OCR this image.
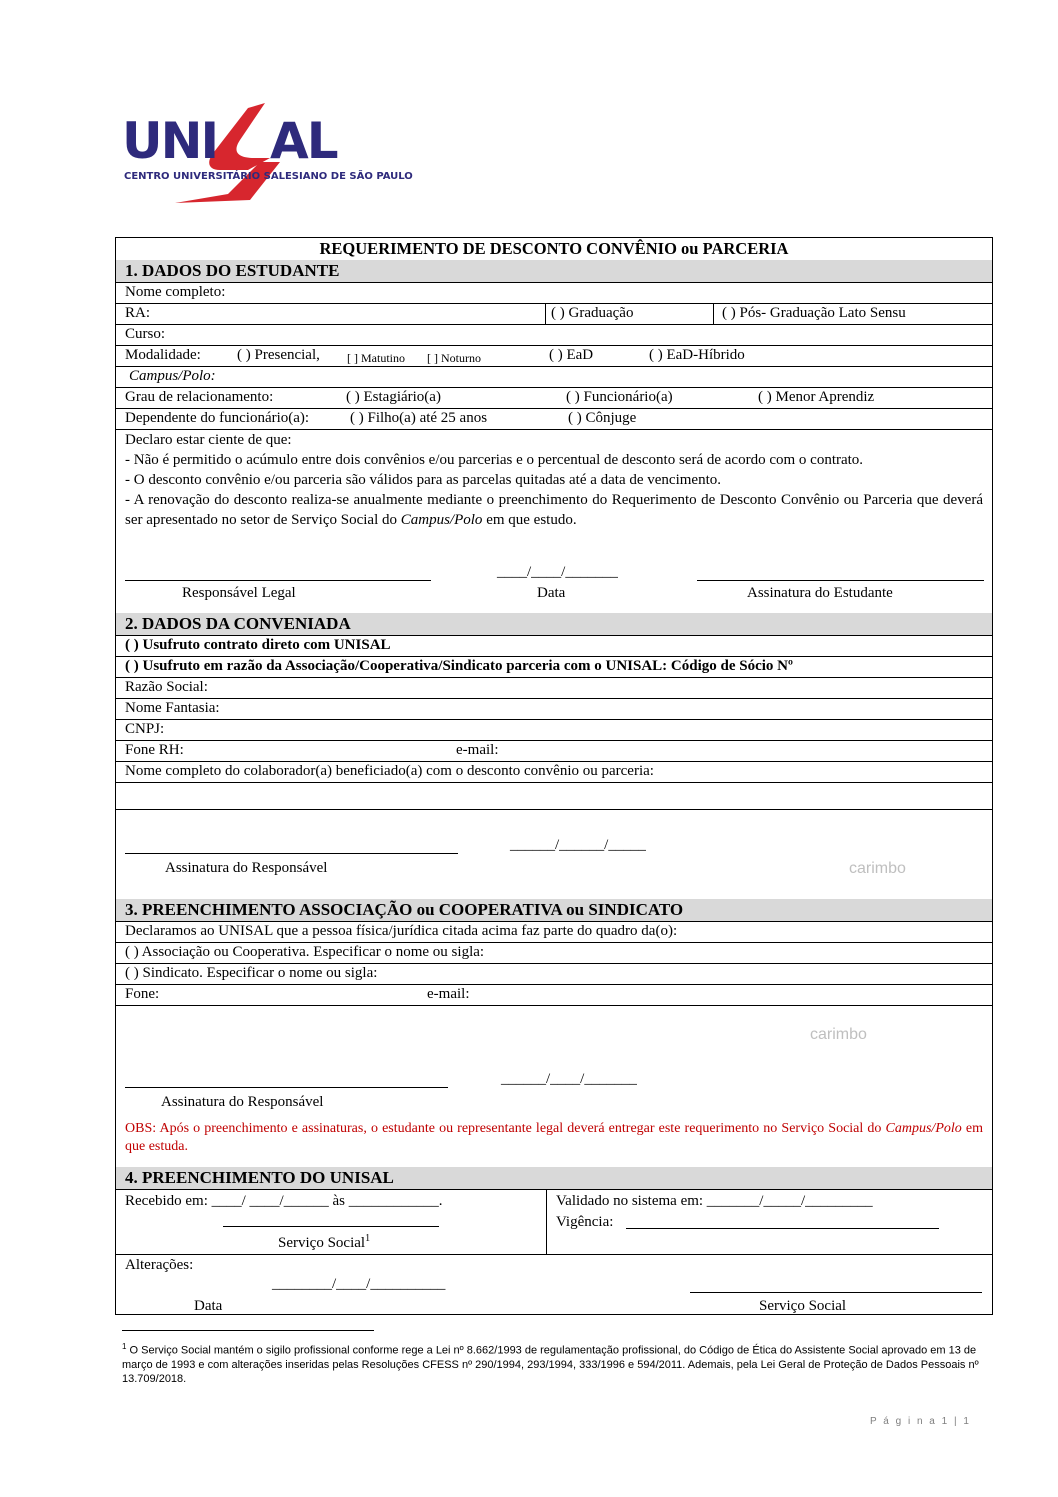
UNI AL
CENTRO UNIVERSITÁRIO SALESIANO DE SÃO PAULO
REQUERIMENTO DE DESCONTO CONVÊNIO ou PARCERIA
1. DADOS DO ESTUDANTE
Nome completo:
RA:	( ) Graduação	( ) Pós- Graduação Lato Sensu
Curso:
Modalidade: ( ) Presencial, [ ] Matutino [ ] Noturno	( ) EaD	( ) EaD-Híbrido
Campus/Polo:
Grau de relacionamento:	( ) Estagiário(a)	( ) Funcionário(a)	( ) Menor Aprendiz
Dependente do funcionário(a):	( ) Filho(a) até 25 anos	( ) Cônjuge
Declaro estar ciente de que:
- Não é permitido o acúmulo entre dois convênios e/ou parcerias e o percentual de desconto será de acordo com o contrato.
- O desconto convênio e/ou parceria são válidos para as parcelas quitadas até a data de vencimento.
- A renovação do desconto realiza-se anualmente mediante o preenchimento do Requerimento de Desconto Convênio ou Parceria que deverá ser apresentado no setor de Serviço Social do Campus/Polo em que estudo.
____/____/_______
Responsável Legal	Data	Assinatura do Estudante
2. DADOS DA CONVENIADA
( ) Usufruto contrato direto com UNISAL
( ) Usufruto em razão da Associação/Cooperativa/Sindicato parceria com o UNISAL: Código de Sócio Nº
Razão Social:
Nome Fantasia:
CNPJ:
Fone RH:	e-mail:
Nome completo do colaborador(a) beneficiado(a) com o desconto convênio ou parceria:
______/______/_____
Assinatura do Responsável	carimbo
3. PREENCHIMENTO ASSOCIAÇÃO ou COOPERATIVA ou SINDICATO
Declaramos ao UNISAL que a pessoa física/jurídica citada acima faz parte do quadro da(o):
( ) Associação ou Cooperativa. Especificar o nome ou sigla:
( ) Sindicato. Especificar o nome ou sigla:
Fone:	e-mail:
carimbo
______/____/_______
Assinatura do Responsável
OBS: Após o preenchimento e assinaturas, o estudante ou representante legal deverá entregar este requerimento no Serviço Social do Campus/Polo em que estuda.
4. PREENCHIMENTO DO UNISAL
Recebido em: ____/ ____/______ às ____________.
Serviço Social$^1$
Validado no sistema em: _______/_____/_________
Vigência:
Alterações:
________/____/__________
Data	Serviço Social
$^1$ O Serviço Social mantém o sigilo profissional conforme rege a Lei nº 8.662/1993 de regulamentação profissional, do Código de Ética do Assistente Social aprovado em 13 de março de 1993 e com alterações inseridas pelas Resoluções CFESS nº 290/1994, 293/1994, 333/1996 e 594/2011. Ademais, pela Lei Geral de Proteção de Dados Pessoais nº 13.709/2018.
P á g i n a 1 | 1
